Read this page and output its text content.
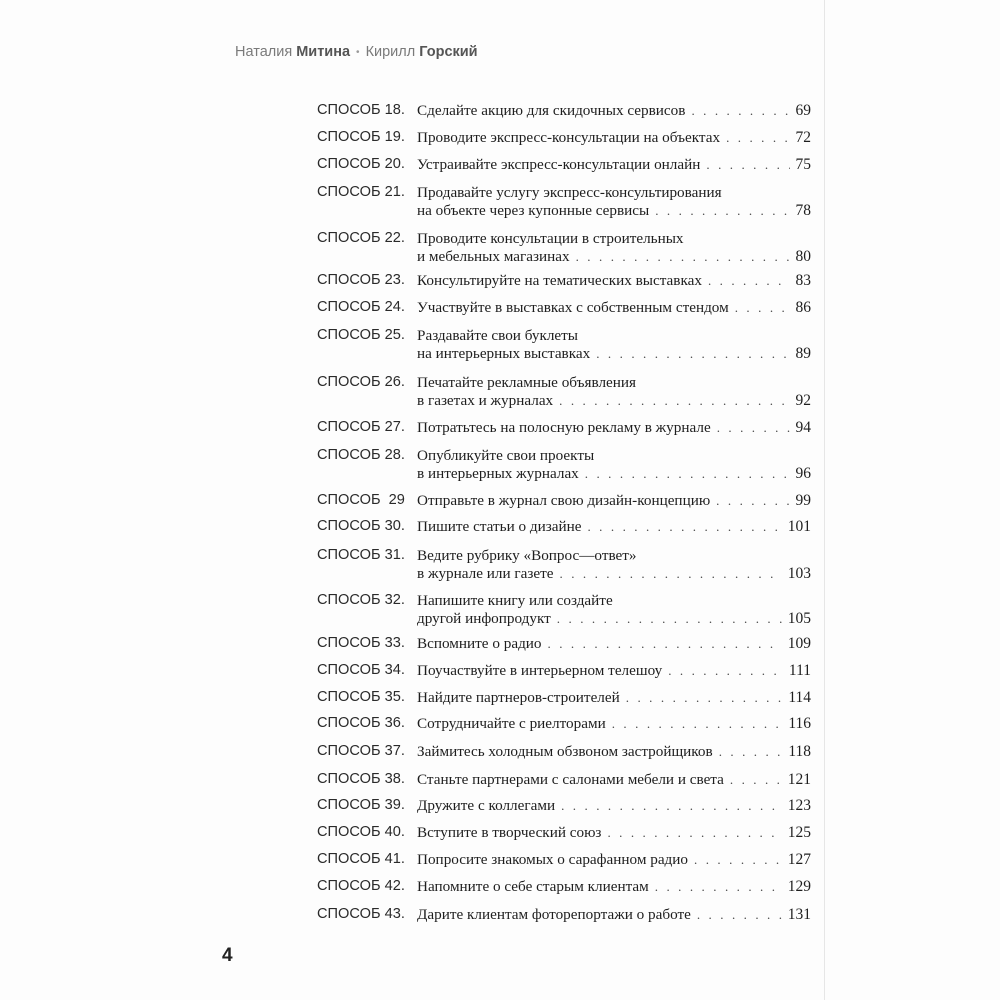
Наталия Митина • Кирилл Горский
СПОСОБ 18. Сделайте акцию для скидочных сервисов . . .	69
СПОСОБ 19. Проводите экспресс-консультации на объектах . . .	72
СПОСОБ 20. Устраивайте экспресс-консультации онлайн . . .	75
СПОСОБ 21. Продавайте услугу экспресс-консультирования
на объекте через купонные сервисы . . .	78
СПОСОБ 22. Проводите консультации в строительных
и мебельных магазинах . . .	80
СПОСОБ 23. Консультируйте на тематических выставках . . .	83
СПОСОБ 24. Участвуйте в выставках с собственным стендом . . .	86
СПОСОБ 25. Раздавайте свои буклеты
на интерьерных выставках . . .	89
СПОСОБ 26. Печатайте рекламные объявления
в газетах и журналах . . .	92
СПОСОБ 27. Потратьтесь на полосную рекламу в журнале . . .	94
СПОСОБ 28. Опубликуйте свои проекты
в интерьерных журналах . . .	96
СПОСОБ  29 Отправьте в журнал свою дизайн-концепцию . . .	99
СПОСОБ 30. Пишите статьи о дизайне . . .	101
СПОСОБ 31. Ведите рубрику «Вопрос—ответ»
в журнале или газете . . .	103
СПОСОБ 32. Напишите книгу или создайте
другой инфопродукт . . .	105
СПОСОБ 33. Вспомните о радио . . .	109
СПОСОБ 34. Поучаствуйте в интерьерном телешоу . . .	111
СПОСОБ 35. Найдите партнеров-строителей . . .	114
СПОСОБ 36. Сотрудничайте с риелторами . . .	116
СПОСОБ 37. Займитесь холодным обзвоном застройщиков . . .	118
СПОСОБ 38. Станьте партнерами с салонами мебели и света . . .	121
СПОСОБ 39. Дружите с коллегами . . .	123
СПОСОБ 40. Вступите в творческий союз . . .	125
СПОСОБ 41. Попросите знакомых о сарафанном радио . . .	127
СПОСОБ 42. Напомните о себе старым клиентам . . .	129
СПОСОБ 43. Дарите клиентам фоторепортажи о работе . . .	131
4
